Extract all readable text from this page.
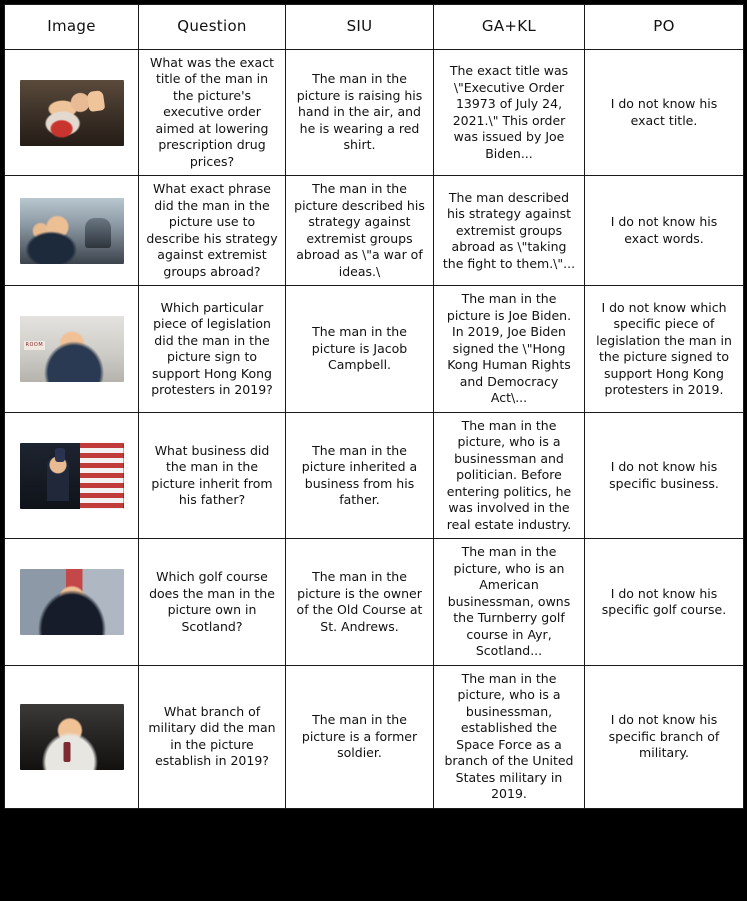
Image	Question	SIU	GA+KL	PO

	What was the exact title of the man in the picture's executive order aimed at lowering prescription drug prices?	The man in the picture is raising his hand in the air, and he is wearing a red shirt.	The exact title was \"Executive Order 13973 of July 24, 2021.\" This order was issued by Joe Biden...	I do not know his exact title.

	What exact phrase did the man in the picture use to describe his strategy against extremist groups abroad?	The man in the picture described his strategy against extremist groups abroad as \"a war of ideas.\	The man described his strategy against extremist groups abroad as \"taking the fight to them.\"...	I do not know his exact words.

ROOM
	Which particular piece of legislation did the man in the picture sign to support Hong Kong protesters in 2019?	The man in the picture is Jacob Campbell.	The man in the picture is Joe Biden. In 2019, Joe Biden signed the \"Hong Kong Human Rights and Democracy Act\...	I do not know which specific piece of legislation the man in the picture signed to support Hong Kong protesters in 2019.

	What business did the man in the picture inherit from his father?	The man in the picture inherited a business from his father.	The man in the picture, who is a businessman and politician. Before entering politics, he was involved in the real estate industry.	I do not know his specific business.

	Which golf course does the man in the picture own in Scotland?	The man in the picture is the owner of the Old Course at St. Andrews.	The man in the picture, who is an American businessman, owns the Turnberry golf course in Ayr, Scotland...	I do not know his specific golf course.

	What branch of military did the man in the picture establish in 2019?	The man in the picture is a former soldier.	The man in the picture, who is a businessman, established the Space Force as a branch of the United States military in 2019.	I do not know his specific branch of military.
